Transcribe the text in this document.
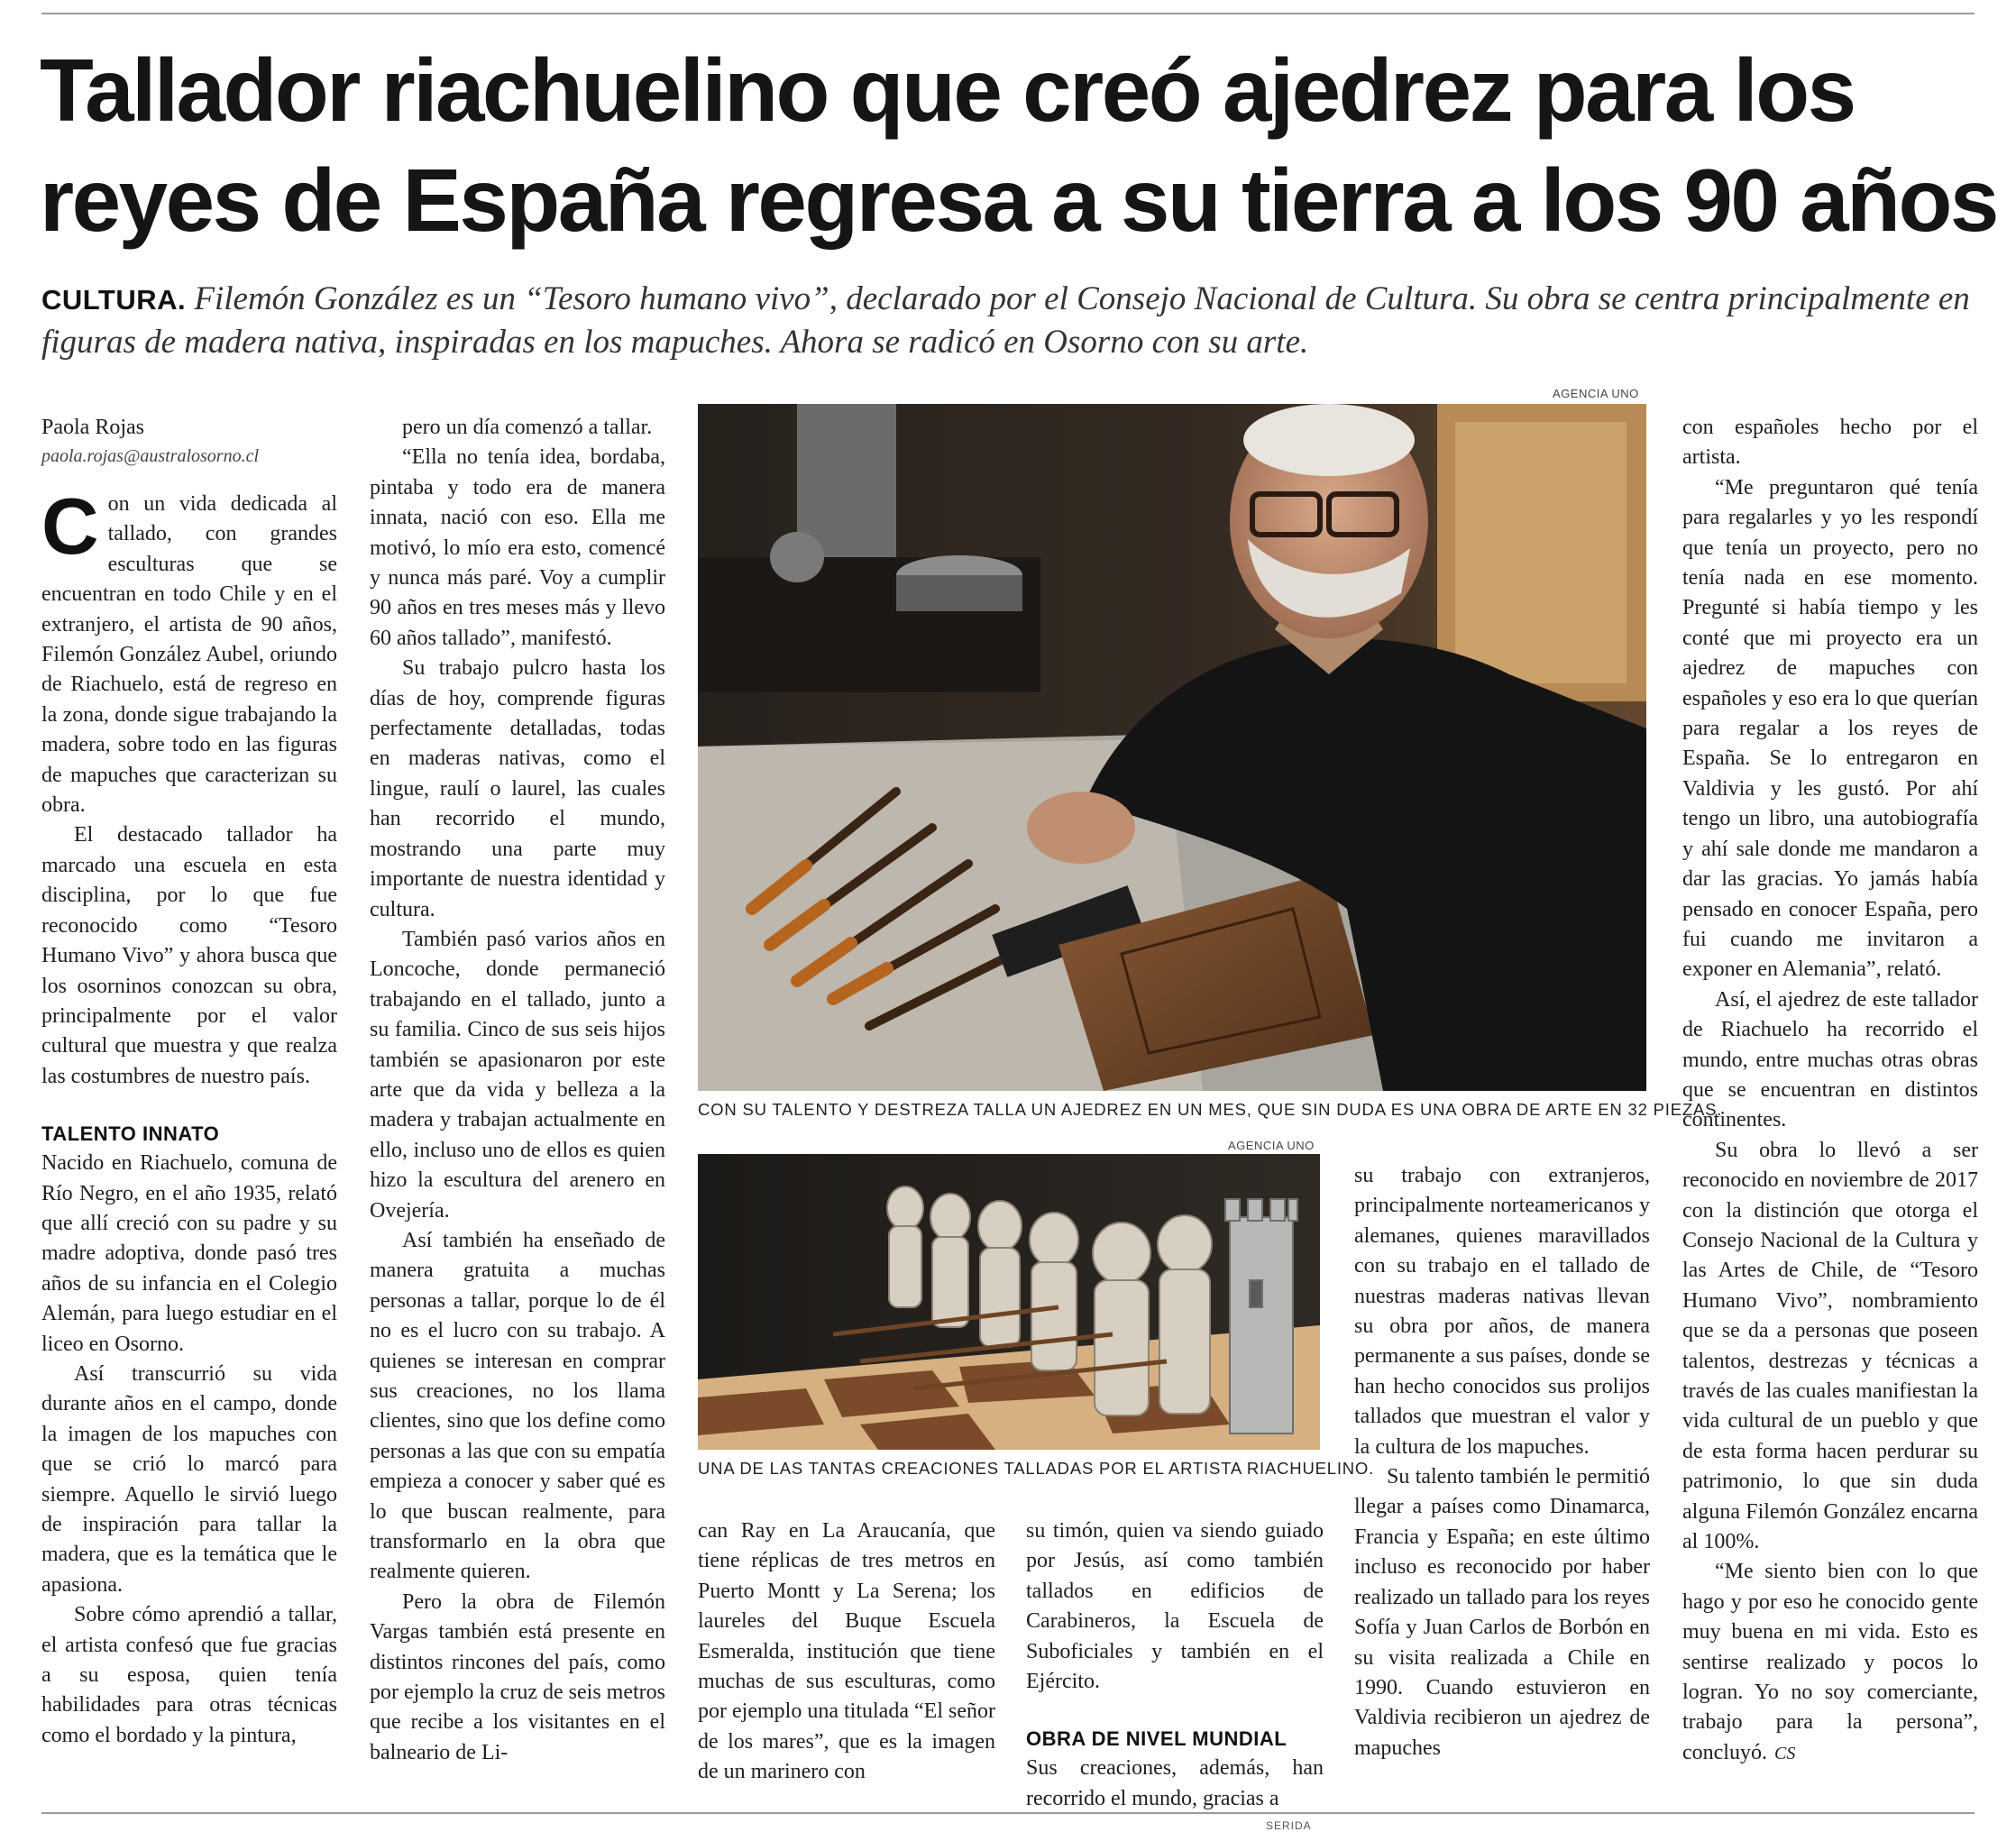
Tallador riachuelino que creó ajedrez para los
reyes de España regresa a su tierra a los 90 años
CULTURA. Filemón González es un “Tesoro humano vivo”, declarado por el Consejo Nacional de Cultura. Su obra se centra principalmente en figuras de madera nativa, inspiradas en los mapuches. Ahora se radicó en Osorno con su arte.
Paola Rojas
paola.rojas@australosorno.cl

Con un vida dedicada al tallado, con grandes esculturas que se encuentran en todo Chile y en el extranjero, el artista de 90 años, Filemón González Aubel, oriundo de Riachuelo, está de regreso en la zona, donde sigue trabajando la madera, sobre todo en las figuras de mapuches que caracterizan su obra.

El destacado tallador ha marcado una escuela en esta disciplina, por lo que fue reconocido como “Tesoro Humano Vivo” y ahora busca que los osorninos conozcan su obra, principalmente por el valor cultural que muestra y que realza las costumbres de nuestro país.

TALENTO INNATO

Nacido en Riachuelo, comuna de Río Negro, en el año 1935, relató que allí creció con su padre y su madre adoptiva, donde pasó tres años de su infancia en el Colegio Alemán, para luego estudiar en el liceo en Osorno.

Así transcurrió su vida durante años en el campo, donde la imagen de los mapuches con que se crió lo marcó para siempre. Aquello le sirvió luego de inspiración para tallar la madera, que es la temática que le apasiona.

Sobre cómo aprendió a tallar, el artista confesó que fue gracias a su esposa, quien tenía habilidades para otras técnicas como el bordado y la pintura,

pero un día comenzó a tallar.

“Ella no tenía idea, bordaba, pintaba y todo era de manera innata, nació con eso. Ella me motivó, lo mío era esto, comencé y nunca más paré. Voy a cumplir 90 años en tres meses más y llevo 60 años tallado”, manifestó.

Su trabajo pulcro hasta los días de hoy, comprende figuras perfectamente detalladas, todas en maderas nativas, como el lingue, raulí o laurel, las cuales han recorrido el mundo, mostrando una parte muy importante de nuestra identidad y cultura.

También pasó varios años en Loncoche, donde permaneció trabajando en el tallado, junto a su familia. Cinco de sus seis hijos también se apasionaron por este arte que da vida y belleza a la madera y trabajan actualmente en ello, incluso uno de ellos es quien hizo la escultura del arenero en Ovejería.

Así también ha enseñado de manera gratuita a muchas personas a tallar, porque lo de él no es el lucro con su trabajo. A quienes se interesan en comprar sus creaciones, no los llama clientes, sino que los define como personas a las que con su empatía empieza a conocer y saber qué es lo que buscan realmente, para transformarlo en la obra que realmente quieren.

Pero la obra de Filemón Vargas también está presente en distintos rincones del país, como por ejemplo la cruz de seis metros que recibe a los visitantes en el balneario de Li-

AGENCIA UNO
CON SU TALENTO Y DESTREZA TALLA UN AJEDREZ EN UN MES, QUE SIN DUDA ES UNA OBRA DE ARTE EN 32 PIEZAS.
AGENCIA UNO
UNA DE LAS TANTAS CREACIONES TALLADAS POR EL ARTISTA RIACHUELINO.

can Ray en La Araucanía, que tiene réplicas de tres metros en Puerto Montt y La Serena; los laureles del Buque Escuela Esmeralda, institución que tiene muchas de sus esculturas, como por ejemplo una titulada “El señor de los mares”, que es la imagen de un marinero con

su timón, quien va siendo guiado por Jesús, así como también tallados en edificios de Carabineros, la Escuela de Suboficiales y también en el Ejército.

OBRA DE NIVEL MUNDIAL

Sus creaciones, además, han recorrido el mundo, gracias a

su trabajo con extranjeros, principalmente norteamericanos y alemanes, quienes maravillados con su trabajo en el tallado de nuestras maderas nativas llevan su obra por años, de manera permanente a sus países, donde se han hecho conocidos sus prolijos tallados que muestran el valor y la cultura de los mapuches.

Su talento también le permitió llegar a países como Dinamarca, Francia y España; en este último incluso es reconocido por haber realizado un tallado para los reyes Sofía y Juan Carlos de Borbón en su visita realizada a Chile en 1990. Cuando estuvieron en Valdivia recibieron un ajedrez de mapuches

con españoles hecho por el artista.

“Me preguntaron qué tenía para regalarles y yo les respondí que tenía un proyecto, pero no tenía nada en ese momento. Pregunté si había tiempo y les conté que mi proyecto era un ajedrez de mapuches con españoles y eso era lo que querían para regalar a los reyes de España. Se lo entregaron en Valdivia y les gustó. Por ahí tengo un libro, una autobiografía y ahí sale donde me mandaron a dar las gracias. Yo jamás había pensado en conocer España, pero fui cuando me invitaron a exponer en Alemania”, relató.

Así, el ajedrez de este tallador de Riachuelo ha recorrido el mundo, entre muchas otras obras que se encuentran en distintos continentes.

Su obra lo llevó a ser reconocido en noviembre de 2017 con la distinción que otorga el Consejo Nacional de la Cultura y las Artes de Chile, de “Tesoro Humano Vivo”, nombramiento que se da a personas que poseen talentos, destrezas y técnicas a través de las cuales manifiestan la vida cultural de un pueblo y que de esta forma hacen perdurar su patrimonio, lo que sin duda alguna Filemón González encarna al 100%.

“Me siento bien con lo que hago y por eso he conocido gente muy buena en mi vida. Esto es sentirse realizado y pocos lo logran. Yo no soy comerciante, trabajo para la persona”, concluyó. CS

SERIDA
